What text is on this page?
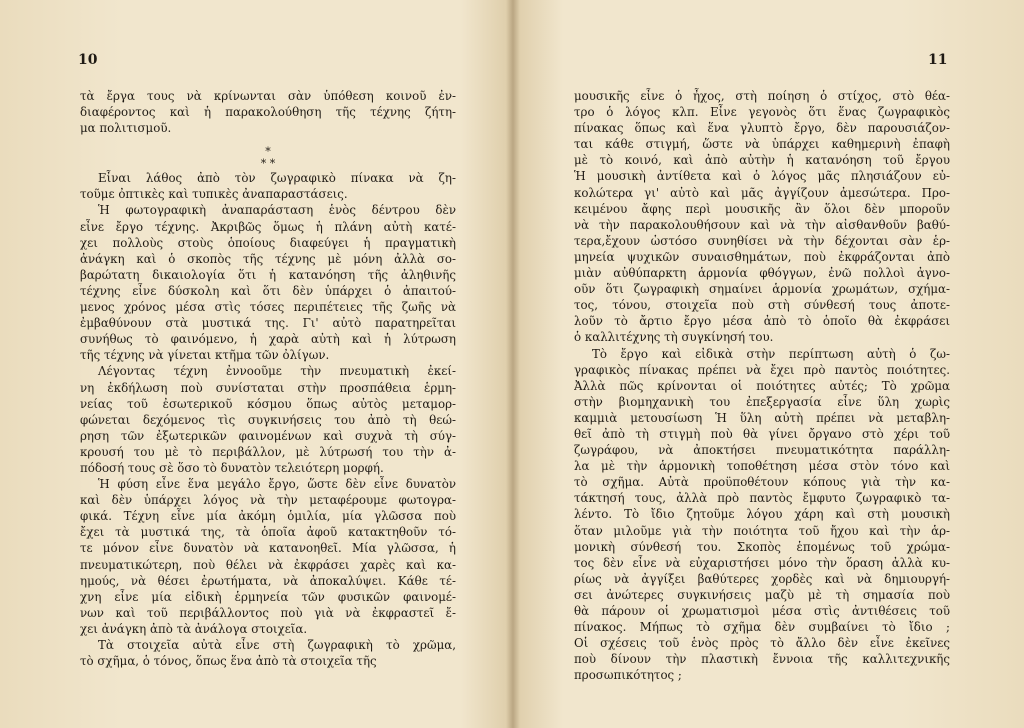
10	11
τὰ ἔργα τους νὰ κρίνωνται σὰν ὑπόθεση κοινοῦ ἐν-
διαφέροντος καὶ ἡ παρακολούθηση τῆς τέχνης ζήτη-
μα πολιτισμοῦ.
*
* *
Εἶναι λάθος ἀπὸ τὸν ζωγραφικὸ πίνακα νὰ ζη-
τοῦμε ὀπτικὲς καὶ τυπικὲς ἀναπαραστάσεις.
Ἡ φωτογραφικὴ ἀναπαράσταση ἑνὸς δέντρου δὲν
εἶνε ἔργο τέχνης. Ἀκριβῶς ὅμως ἡ πλάνη αὐτὴ κατέ-
χει πολλοὺς στοὺς ὁποίους διαφεύγει ἡ πραγματικὴ
ἀνάγκη καὶ ὁ σκοπὸς τῆς τέχνης μὲ μόνη ἀλλὰ σο-
βαρώτατη δικαιολογία ὅτι ἡ κατανόηση τῆς ἀληθινῆς
τέχνης εἶνε δύσκολη καὶ ὅτι δὲν ὑπάρχει ὁ ἀπαιτού-
μενος χρόνος μέσα στὶς τόσες περιπέτειες τῆς ζωῆς νὰ
ἐμβαθύνουν στὰ μυστικά της. Γι' αὐτὸ παρατηρεῖται
συνήθως τὸ φαινόμενο, ἡ χαρὰ αὐτὴ καὶ ἡ λύτρωση
τῆς τέχνης νὰ γίνεται κτῆμα τῶν ὀλίγων.
Λέγοντας τέχνη ἐννοοῦμε τὴν πνευματικὴ ἐκεί-
νη ἐκδήλωση ποὺ συνίσταται στὴν προσπάθεια ἑρμη-
νείας τοῦ ἐσωτερικοῦ κόσμου ὅπως αὐτὸς μεταμορ-
φώνεται δεχόμενος τὶς συγκινήσεις του ἀπὸ τὴ θεώ-
ρηση τῶν ἐξωτερικῶν φαινομένων καὶ συχνὰ τὴ σύγ-
κρουσή του μὲ τὸ περιβάλλον, μὲ λύτρωσή του τὴν ἀ-
πόδοσή τους σὲ ὅσο τὸ δυνατὸν τελειότερη μορφή.
Ἡ φύση εἶνε ἕνα μεγάλο ἔργο, ὥστε δὲν εἶνε δυνατὸν
καὶ δὲν ὑπάρχει λόγος νὰ τὴν μεταφέρουμε φωτογρα-
φικά. Τέχνη εἶνε μία ἀκόμη ὁμιλία, μία γλῶσσα ποὺ
ἔχει τὰ μυστικά της, τὰ ὁποῖα ἀφοῦ κατακτηθοῦν τό-
τε μόνον εἶνε δυνατὸν νὰ κατανοηθεῖ. Μία γλῶσσα, ἡ
πνευματικώτερη, ποὺ θέλει νὰ ἐκφράσει χαρὲς καὶ κα-
ημούς, νὰ θέσει ἐρωτήματα, νὰ ἀποκαλύψει. Κάθε τέ-
χνη εἶνε μία εἰδικὴ ἑρμηνεία τῶν φυσικῶν φαινομέ-
νων καὶ τοῦ περιβάλλοντος ποὺ γιὰ νὰ ἐκφραστεῖ ἔ-
χει ἀνάγκη ἀπὸ τὰ ἀνάλογα στοιχεῖα.
Τὰ στοιχεῖα αὐτὰ εἶνε στὴ ζωγραφικὴ τὸ χρῶμα,
τὸ σχῆμα, ὁ τόνος, ὅπως ἕνα ἀπὸ τὰ στοιχεῖα τῆς
μουσικῆς εἶνε ὁ ἦχος, στὴ ποίηση ὁ στίχος, στὸ θέα-
τρο ὁ λόγος κλπ. Εἶνε γεγονὸς ὅτι ἕνας ζωγραφικὸς
πίνακας ὅπως καὶ ἕνα γλυπτὸ ἔργο, δὲν παρουσιάζον-
ται κάθε στιγμή, ὥστε νὰ ὑπάρχει καθημερινὴ ἐπαφὴ
μὲ τὸ κοινό, καὶ ἀπὸ αὐτὴν ἡ κατανόηση τοῦ ἔργου
Ἡ μουσικὴ ἀντίθετα καὶ ὁ λόγος μᾶς πλησιάζουν εὐ-
κολώτερα γι' αὐτὸ καὶ μᾶς ἀγγίζουν ἀμεσώτερα. Προ-
κειμένου ἄφης περὶ μουσικῆς ἂν ὅλοι δὲν μποροῦν
νὰ τὴν παρακολουθήσουν καὶ νὰ τὴν αἰσθανθοῦν βαθύ-
τερα,ἔχουν ὡστόσο συνηθίσει νὰ τὴν δέχονται σὰν ἑρ-
μηνεία ψυχικῶν συναισθημάτων, ποὺ ἐκφράζονται ἀπὸ
μιὰν αὐθύπαρκτη ἁρμονία φθόγγων, ἐνῶ πολλοὶ ἀγνο-
οῦν ὅτι ζωγραφικὴ σημαίνει ἁρμονία χρωμάτων, σχήμα-
τος, τόνου, στοιχεῖα ποὺ στὴ σύνθεσή τους ἀποτε-
λοῦν τὸ ἄρτιο ἔργο μέσα ἀπὸ τὸ ὁποῖο θὰ ἐκφράσει
ὁ καλλιτέχνης τὴ συγκίνησή του.
Τὸ ἔργο καὶ εἰδικὰ στὴν περίπτωση αὐτὴ ὁ ζω-
γραφικὸς πίνακας πρέπει νὰ ἔχει πρὸ παντὸς ποιότητες.
Ἀλλὰ πῶς κρίνονται οἱ ποιότητες αὐτές; Τὸ χρῶμα
στὴν βιομηχανικὴ του ἐπεξεργασία εἶνε ὕλη χωρὶς
καμμιὰ μετουσίωση Ἡ ὕλη αὐτὴ πρέπει νὰ μεταβλη-
θεῖ ἀπὸ τὴ στιγμὴ ποὺ θὰ γίνει ὄργανο στὸ χέρι τοῦ
ζωγράφου, νὰ ἀποκτήσει πνευματικότητα παράλλη-
λα μὲ τὴν ἁρμονικὴ τοποθέτηση μέσα στὸν τόνο καὶ
τὸ σχῆμα. Αὐτὰ προϋποθέτουν κόπους γιὰ τὴν κα-
τάκτησή τους, ἀλλὰ πρὸ παντὸς ἔμφυτο ζωγραφικὸ τα-
λέντο. Τὸ ἴδιο ζητοῦμε λόγου χάρη καὶ στὴ μουσικὴ
ὅταν μιλοῦμε γιὰ τὴν ποιότητα τοῦ ἤχου καὶ τὴν ἁρ-
μονικὴ σύνθεσή του. Σκοπὸς ἑπομένως τοῦ χρώμα-
τος δὲν εἶνε νὰ εὐχαριστήσει μόνο τὴν ὅραση ἀλλὰ κυ-
ρίως νὰ ἀγγίξει βαθύτερες χορδὲς καὶ νὰ δημιουργή-
σει ἀνώτερες συγκινήσεις μαζὺ μὲ τὴ σημασία ποὺ
θὰ πάρουν οἱ χρωματισμοὶ μέσα στὶς ἀντιθέσεις τοῦ
πίνακος. Μήπως τὸ σχῆμα δὲν συμβαίνει τὸ ἴδιο ;
Οἱ σχέσεις τοῦ ἑνὸς πρὸς τὸ ἄλλο δὲν εἶνε ἐκεῖνες
ποὺ δίνουν τὴν πλαστικὴ ἔννοια τῆς καλλιτεχνικῆς
προσωπικότητος ;
